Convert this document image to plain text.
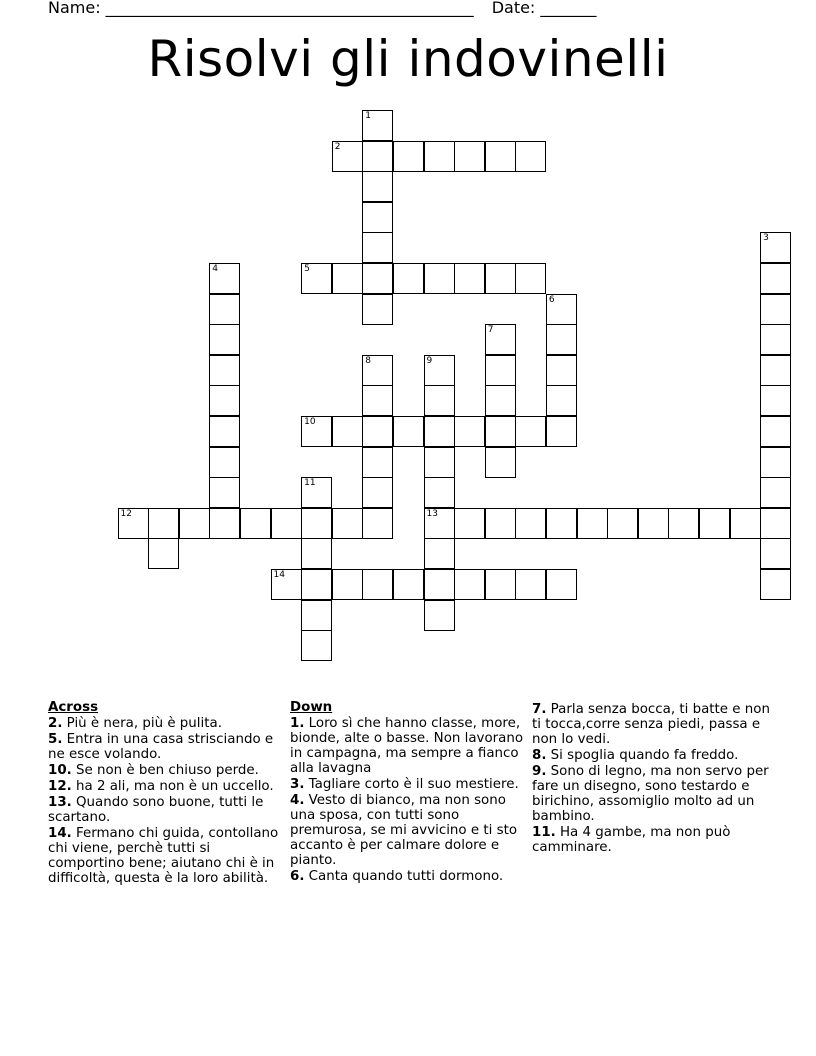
Name: ______________________________________________ Date: _______
Risolvi gli indovinelli
1
2
3
4	5
6
7
8	9
10
11
12	13
14
Across
2. Più è nera, più è pulita.
5. Entra in una casa strisciando e ne esce volando.
10. Se non è ben chiuso perde.
12. ha 2 ali, ma non è un uccello.
13. Quando sono buone, tutti le scartano.
14. Fermano chi guida, contollano chi viene, perchè tutti si comportino bene; aiutano chi è in difficoltà, questa è la loro abilità.
Down
1. Loro sì che hanno classe, more, bionde, alte o basse. Non lavorano in campagna, ma sempre a fianco alla lavagna
3. Tagliare corto è il suo mestiere.
4. Vesto di bianco, ma non sono una sposa, con tutti sono premurosa, se mi avvicino e ti sto accanto è per calmare dolore e pianto.
6. Canta quando tutti dormono.
7. Parla senza bocca, ti batte e non ti tocca,corre senza piedi, passa e non lo vedi.
8. Si spoglia quando fa freddo.
9. Sono di legno, ma non servo per fare un disegno, sono testardo e birichino, assomiglio molto ad un bambino.
11. Ha 4 gambe, ma non può camminare.
